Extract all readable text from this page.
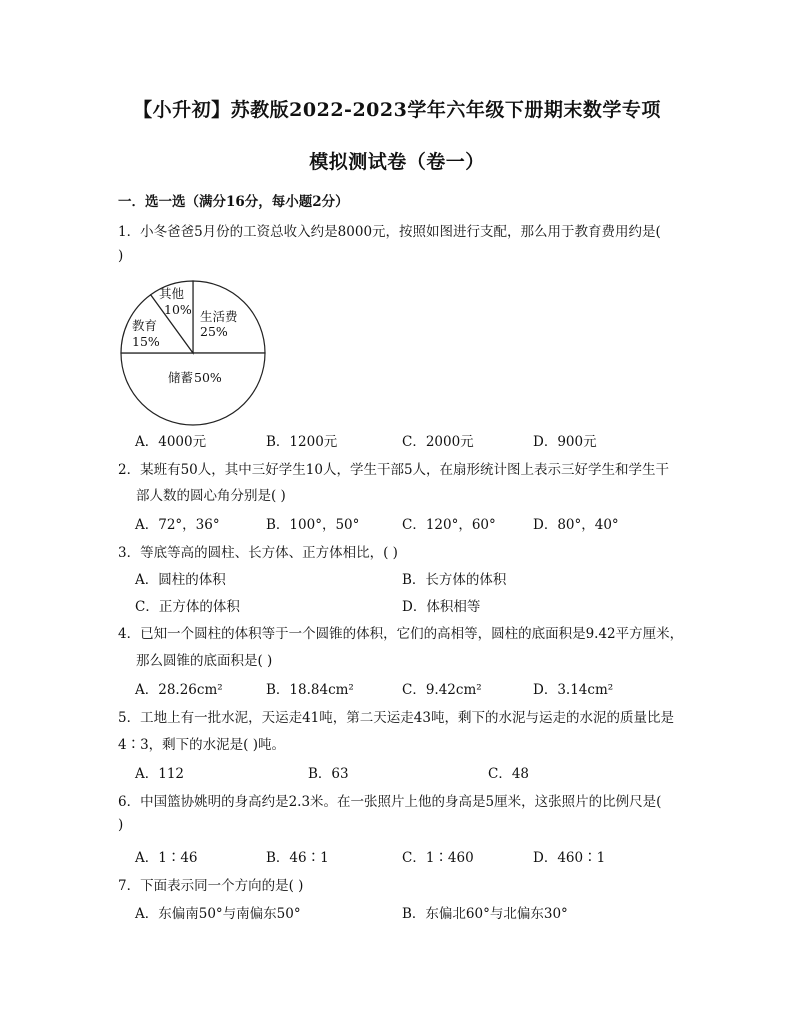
【小升初】苏教版2022-2023学年六年级下册期末数学专项
模拟测试卷（卷一）
一．选一选（满分16分，每小题2分）
1．小冬爸爸5月份的工资总收入约是8000元，按照如图进行支配，那么用于教育费用约是(
)
生活费
25%
储蓄 50%
教育
15%
其他
10%
A．4000元	B．1200元	C．2000元	D．900元
2．某班有50人，其中三好学生10人，学生干部5人，在扇形统计图上表示三好学生和学生干
部人数的圆心角分别是( )
A．72°，36°	B．100°，50°	C．120°，60°	D．80°，40°
3．等底等高的圆柱、长方体、正方体相比，( )
A．圆柱的体积	B．长方体的体积
C．正方体的体积	D．体积相等
4．已知一个圆柱的体积等于一个圆锥的体积，它们的高相等，圆柱的底面积是9.42平方厘米，
那么圆锥的底面积是( )
A．28.26cm²	B．18.84cm²	C．9.42cm²	D．3.14cm²
5．工地上有一批水泥，天运走41吨，第二天运走43吨，剩下的水泥与运走的水泥的质量比是
4∶3，剩下的水泥是( )吨。
A．112	B．63	C．48
6．中国篮协姚明的身高约是2.3米。在一张照片上他的身高是5厘米，这张照片的比例尺是(
)
A．1∶46	B．46∶1	C．1∶460	D．460∶1
7．下面表示同一个方向的是( )
A．东偏南50°与南偏东50°	B．东偏北60°与北偏东30°
